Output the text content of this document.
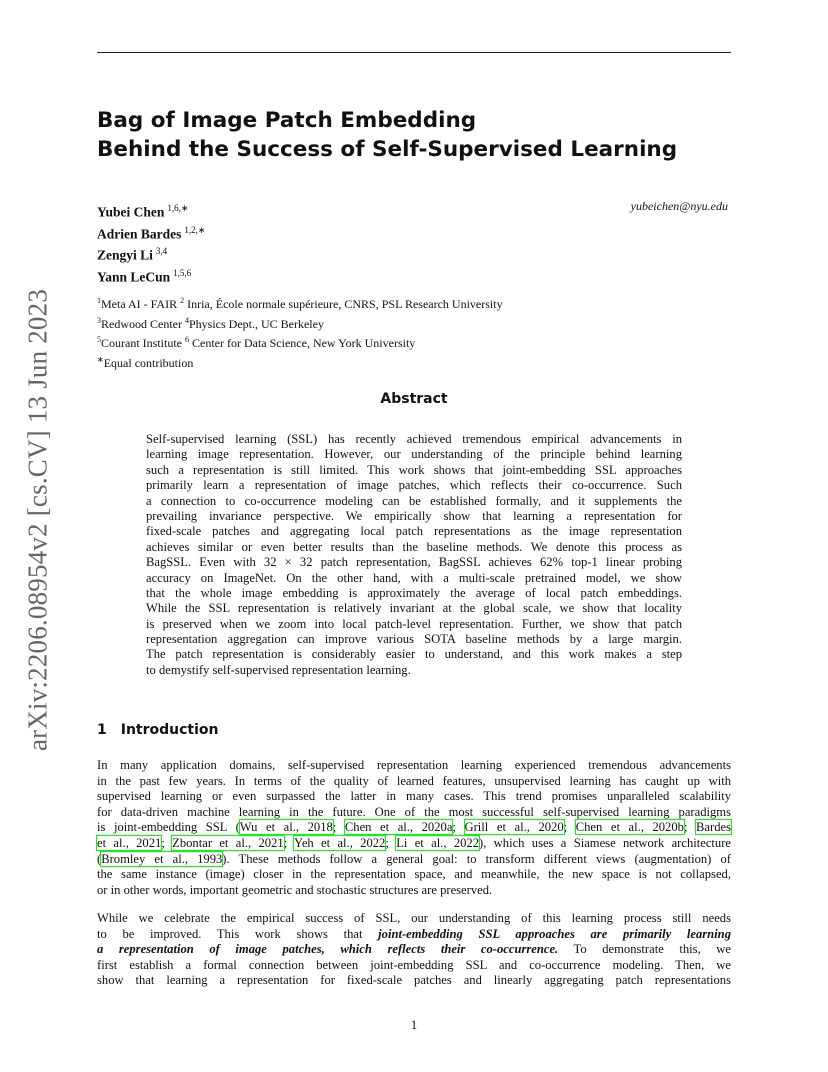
arXiv:2206.08954v2 [cs.CV] 13 Jun 2023
Bag of Image Patch Embedding
Behind the Success of Self-Supervised Learning
Yubei Chen $^{1,6,∗}$
Adrien Bardes $^{1,2,∗}$
Zengyi Li $^{3,4}$
Yann LeCun $^{1,5,6}$
yubeichen@nyu.edu
$^1$Meta AI - FAIR $^2$ Inria, École normale supérieure, CNRS, PSL Research University
$^3$Redwood Center $^4$Physics Dept., UC Berkeley
$^5$Courant Institute $^6$ Center for Data Science, New York University
∗Equal contribution
Abstract
Self-supervised learning (SSL) has recently achieved tremendous empirical advancements in
learning image representation. However, our understanding of the principle behind learning
such a representation is still limited. This work shows that joint-embedding SSL approaches
primarily learn a representation of image patches, which reflects their co-occurrence. Such
a connection to co-occurrence modeling can be established formally, and it supplements the
prevailing invariance perspective. We empirically show that learning a representation for
fixed-scale patches and aggregating local patch representations as the image representation
achieves similar or even better results than the baseline methods. We denote this process as
BagSSL. Even with 32 × 32 patch representation, BagSSL achieves 62% top-1 linear probing
accuracy on ImageNet. On the other hand, with a multi-scale pretrained model, we show
that the whole image embedding is approximately the average of local patch embeddings.
While the SSL representation is relatively invariant at the global scale, we show that locality
is preserved when we zoom into local patch-level representation. Further, we show that patch
representation aggregation can improve various SOTA baseline methods by a large margin.
The patch representation is considerably easier to understand, and this work makes a step
to demystify self-supervised representation learning.
1 Introduction
In many application domains, self-supervised representation learning experienced tremendous advancements
in the past few years. In terms of the quality of learned features, unsupervised learning has caught up with
supervised learning or even surpassed the latter in many cases. This trend promises unparalleled scalability
for data-driven machine learning in the future. One of the most successful self-supervised learning paradigms
is joint-embedding SSL (Wu et al., 2018; Chen et al., 2020a; Grill et al., 2020; Chen et al., 2020b; Bardes
et al., 2021; Zbontar et al., 2021; Yeh et al., 2022; Li et al., 2022), which uses a Siamese network architecture
(Bromley et al., 1993). These methods follow a general goal: to transform different views (augmentation) of
the same instance (image) closer in the representation space, and meanwhile, the new space is not collapsed,
or in other words, important geometric and stochastic structures are preserved.
While we celebrate the empirical success of SSL, our understanding of this learning process still needs
to be improved. This work shows that joint-embedding SSL approaches are primarily learning
a representation of image patches, which reflects their co-occurrence. To demonstrate this, we
first establish a formal connection between joint-embedding SSL and co-occurrence modeling. Then, we
show that learning a representation for fixed-scale patches and linearly aggregating patch representations
1
